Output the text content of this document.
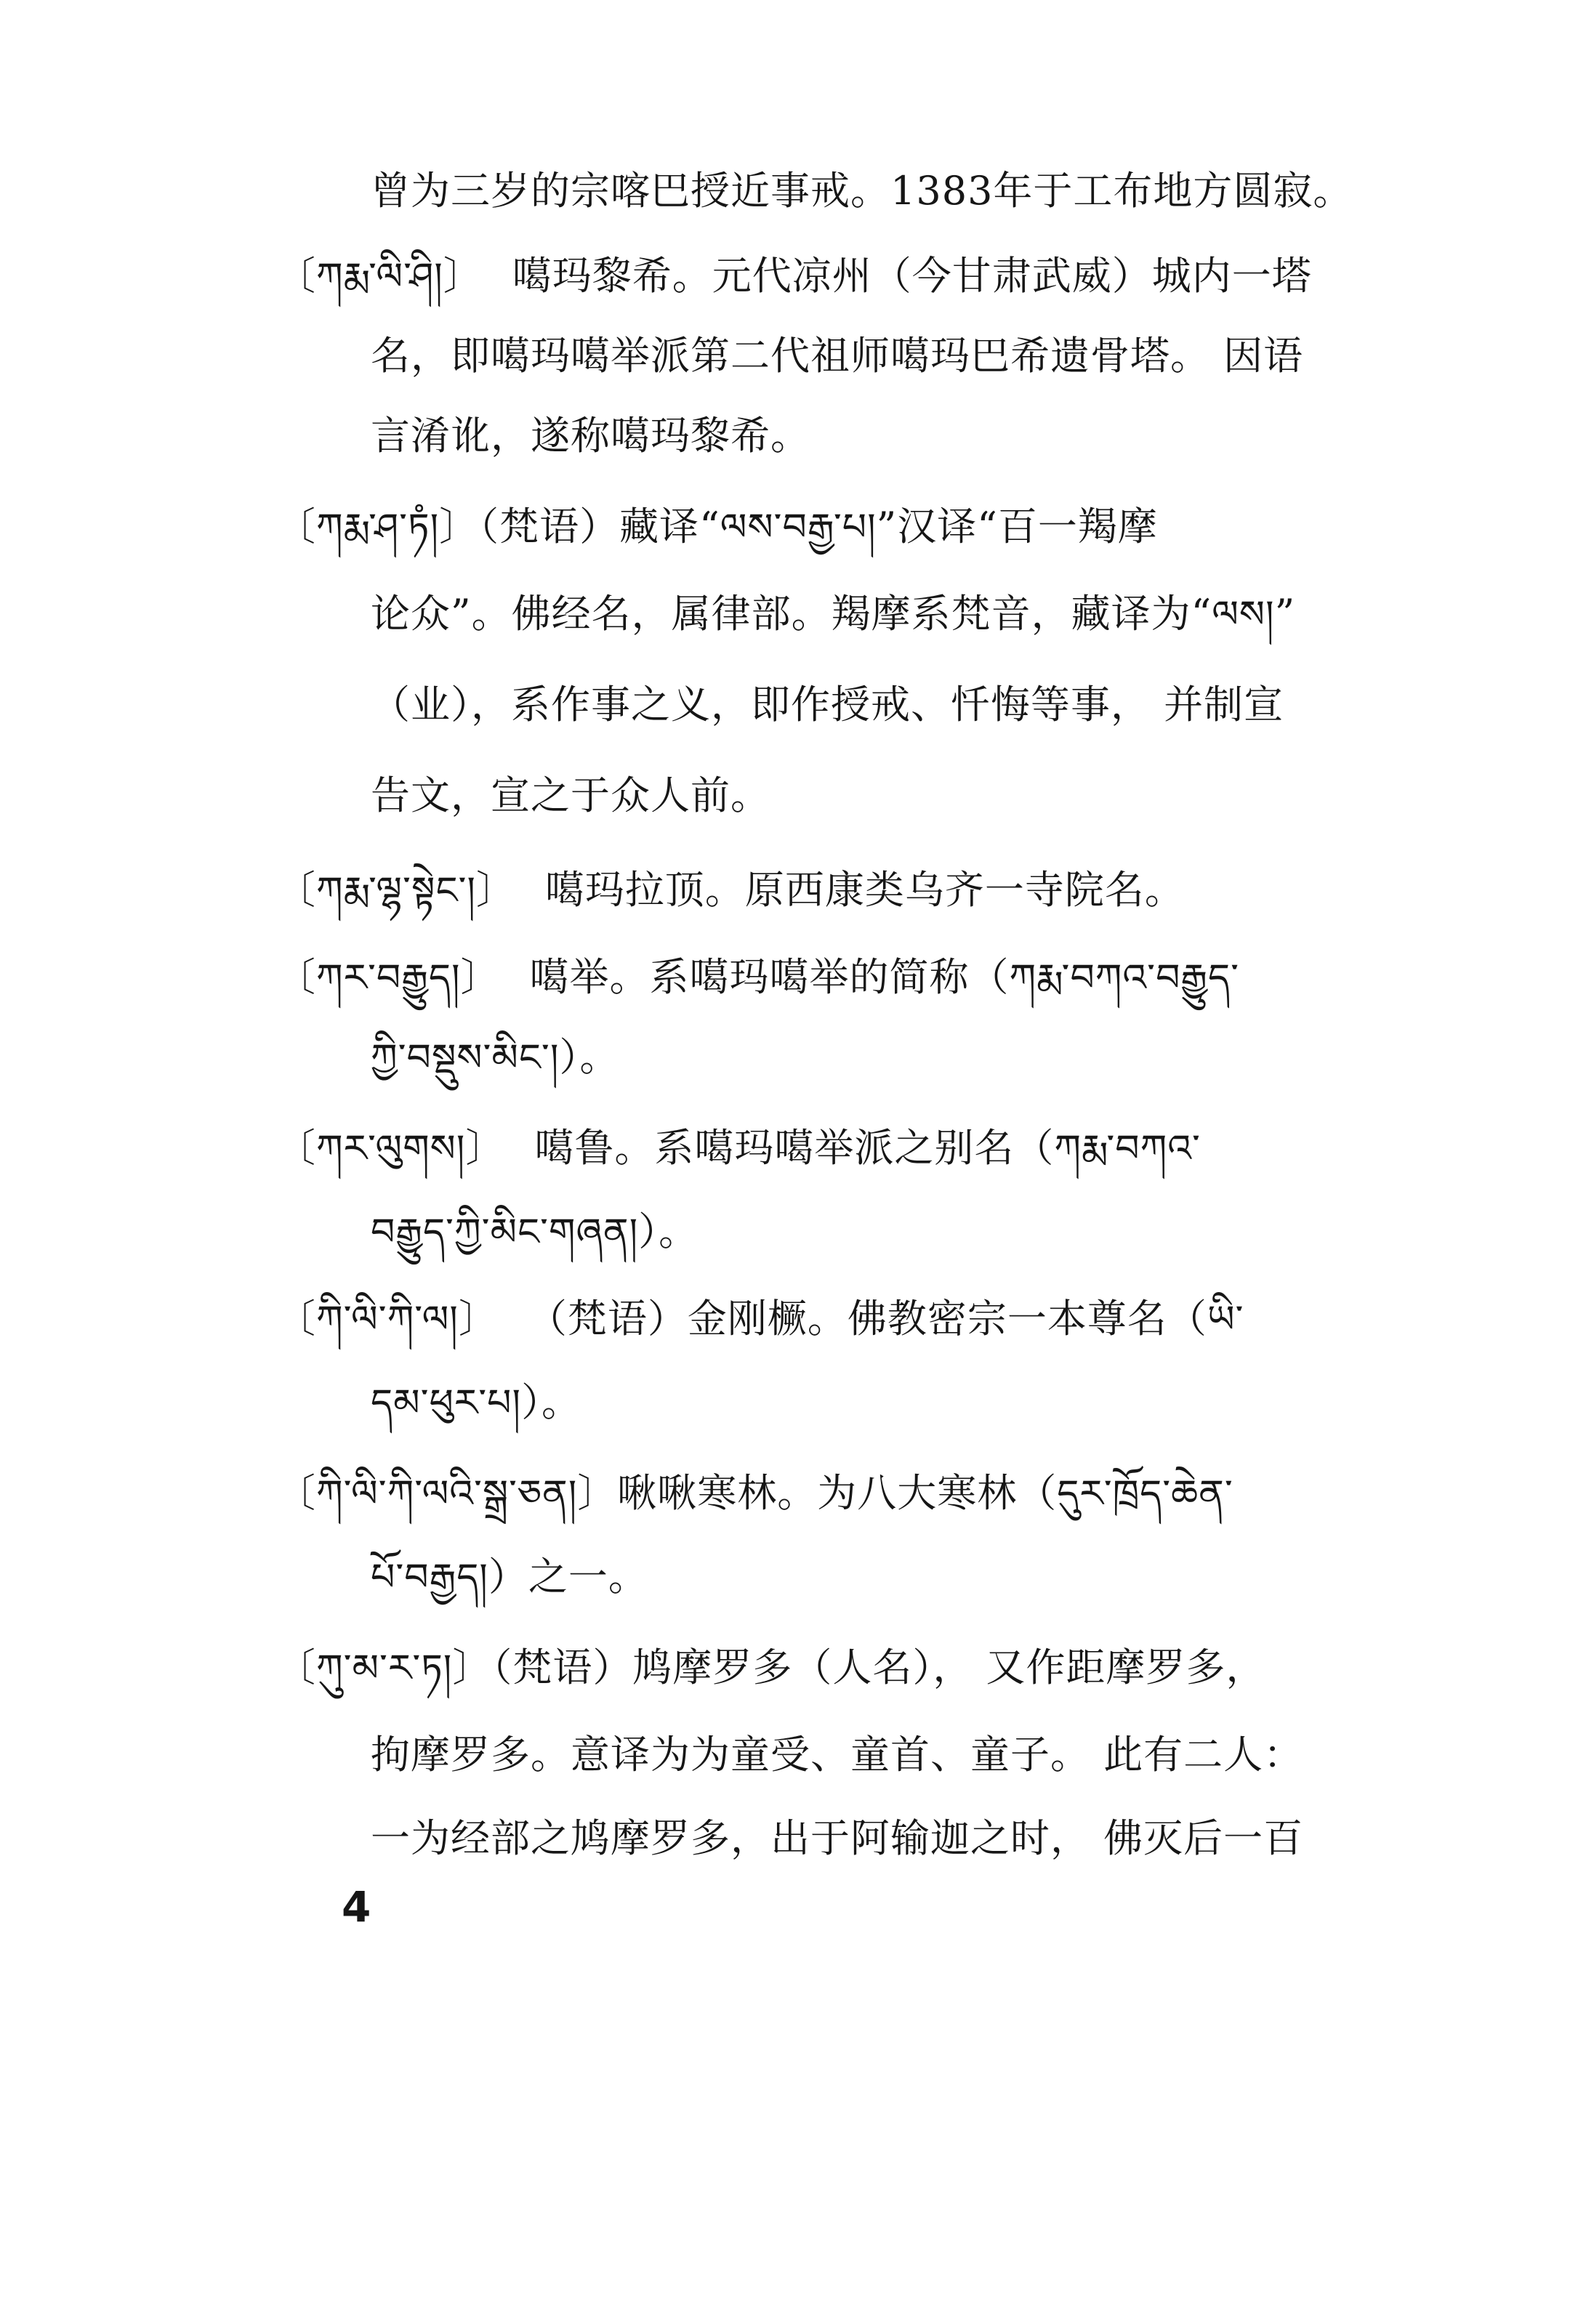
曾为三岁的宗喀巴授近事戒。1383年于工布地方圆寂。
〔ཀརྨ་ལི་ཤི།〕 噶玛黎希。元代凉州（今甘肃武威）城内一塔
名，即噶玛噶举派第二代祖师噶玛巴希遗骨塔。 因语
言淆讹，遂称噶玛黎希。
〔ཀརྨ་ཤ་ཏཾ།〕（梵语）藏译“ལས་བརྒྱ་པ།”汉译“百一羯摩
论众”。佛经名，属律部。羯摩系梵音，藏译为“ལས།”
（业），系作事之义，即作授戒、忏悔等事， 并制宣
告文，宣之于众人前。
〔ཀརྨ་ལྷ་སྟེང་།〕 噶玛拉顶。原西康类乌齐一寺院名。
〔ཀར་བརྒྱུད།〕 噶举。系噶玛噶举的简称（ཀརྨ་བཀའ་བརྒྱུད་
ཀྱི་བསྡུས་མིང་།）。
〔ཀར་ལུགས།〕 噶鲁。系噶玛噶举派之别名（ཀརྨ་བཀའ་
བརྒྱུད་ཀྱི་མིང་གཞན།）。
〔ཀི་ལི་ཀི་ལ།〕 （梵语）金刚橛。佛教密宗一本尊名（ཡི་
དམ་ཕུར་པ།）。
〔ཀི་ལི་ཀི་ལའི་སྒྲ་ཅན།〕啾啾寒林。为八大寒林（དུར་ཁྲོད་ཆེན་
པོ་བརྒྱད།）之一。
〔ཀུ་མ་ར་ཏ།〕（梵语）鸠摩罗多（人名）， 又作距摩罗多，
拘摩罗多。意译为为童受、童首、童子。 此有二人：
一为经部之鸠摩罗多，出于阿输迦之时， 佛灭后一百
4
